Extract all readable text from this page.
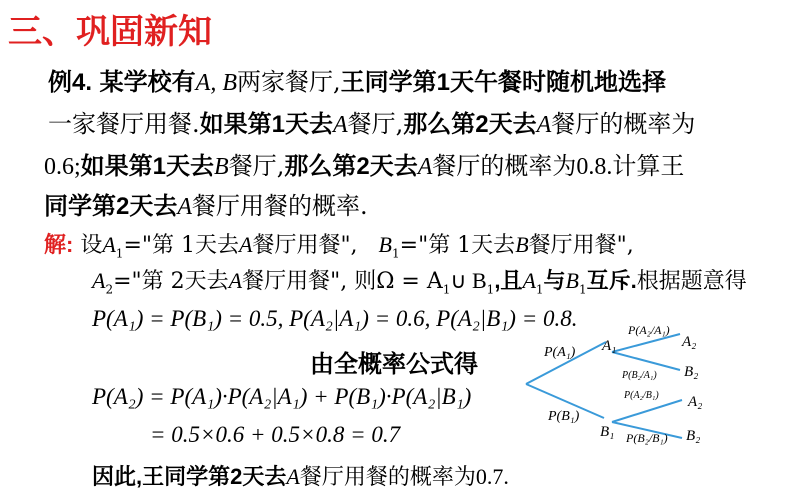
三、巩固新知
例4. 某学校有A, B两家餐厅,王同学第1天午餐时随机地选择
一家餐厅用餐.如果第1天去A餐厅,那么第2天去A餐厅的概率为
0.6;如果第1天去B餐厅,那么第2天去A餐厅的概率为0.8.计算王
同学第2天去A餐厅用餐的概率.
解: 设$A_1=$"第 1天去A餐厅用餐", $B_1=$"第 1天去B餐厅用餐",
$A_2=$"第 2天去A餐厅用餐", 则$\Omega = A_1\cup$ $B_1$,且$A_1$与$B_1$互斥.根据题意得
P(A₁) = P(B₁) = 0.5, P(A₂|A₁) = 0.6, P(A₂|B₁) = 0.8.
由全概率公式得
P(A₂) = P(A₁)·P(A₂|A₁) + P(B₁)·P(A₂|B₁)
= 0.5×0.6 + 0.5×0.8 = 0.7
因此,王同学第2天去A餐厅用餐的概率为0.7.
P(A₁)
P(B₁)
A₁
B₁
P(A₂/A₁)
P(B₂/A₁)
P(A₂/B₁)
P(B₂/B₁)
A₂
B₂
A₂
B₂
